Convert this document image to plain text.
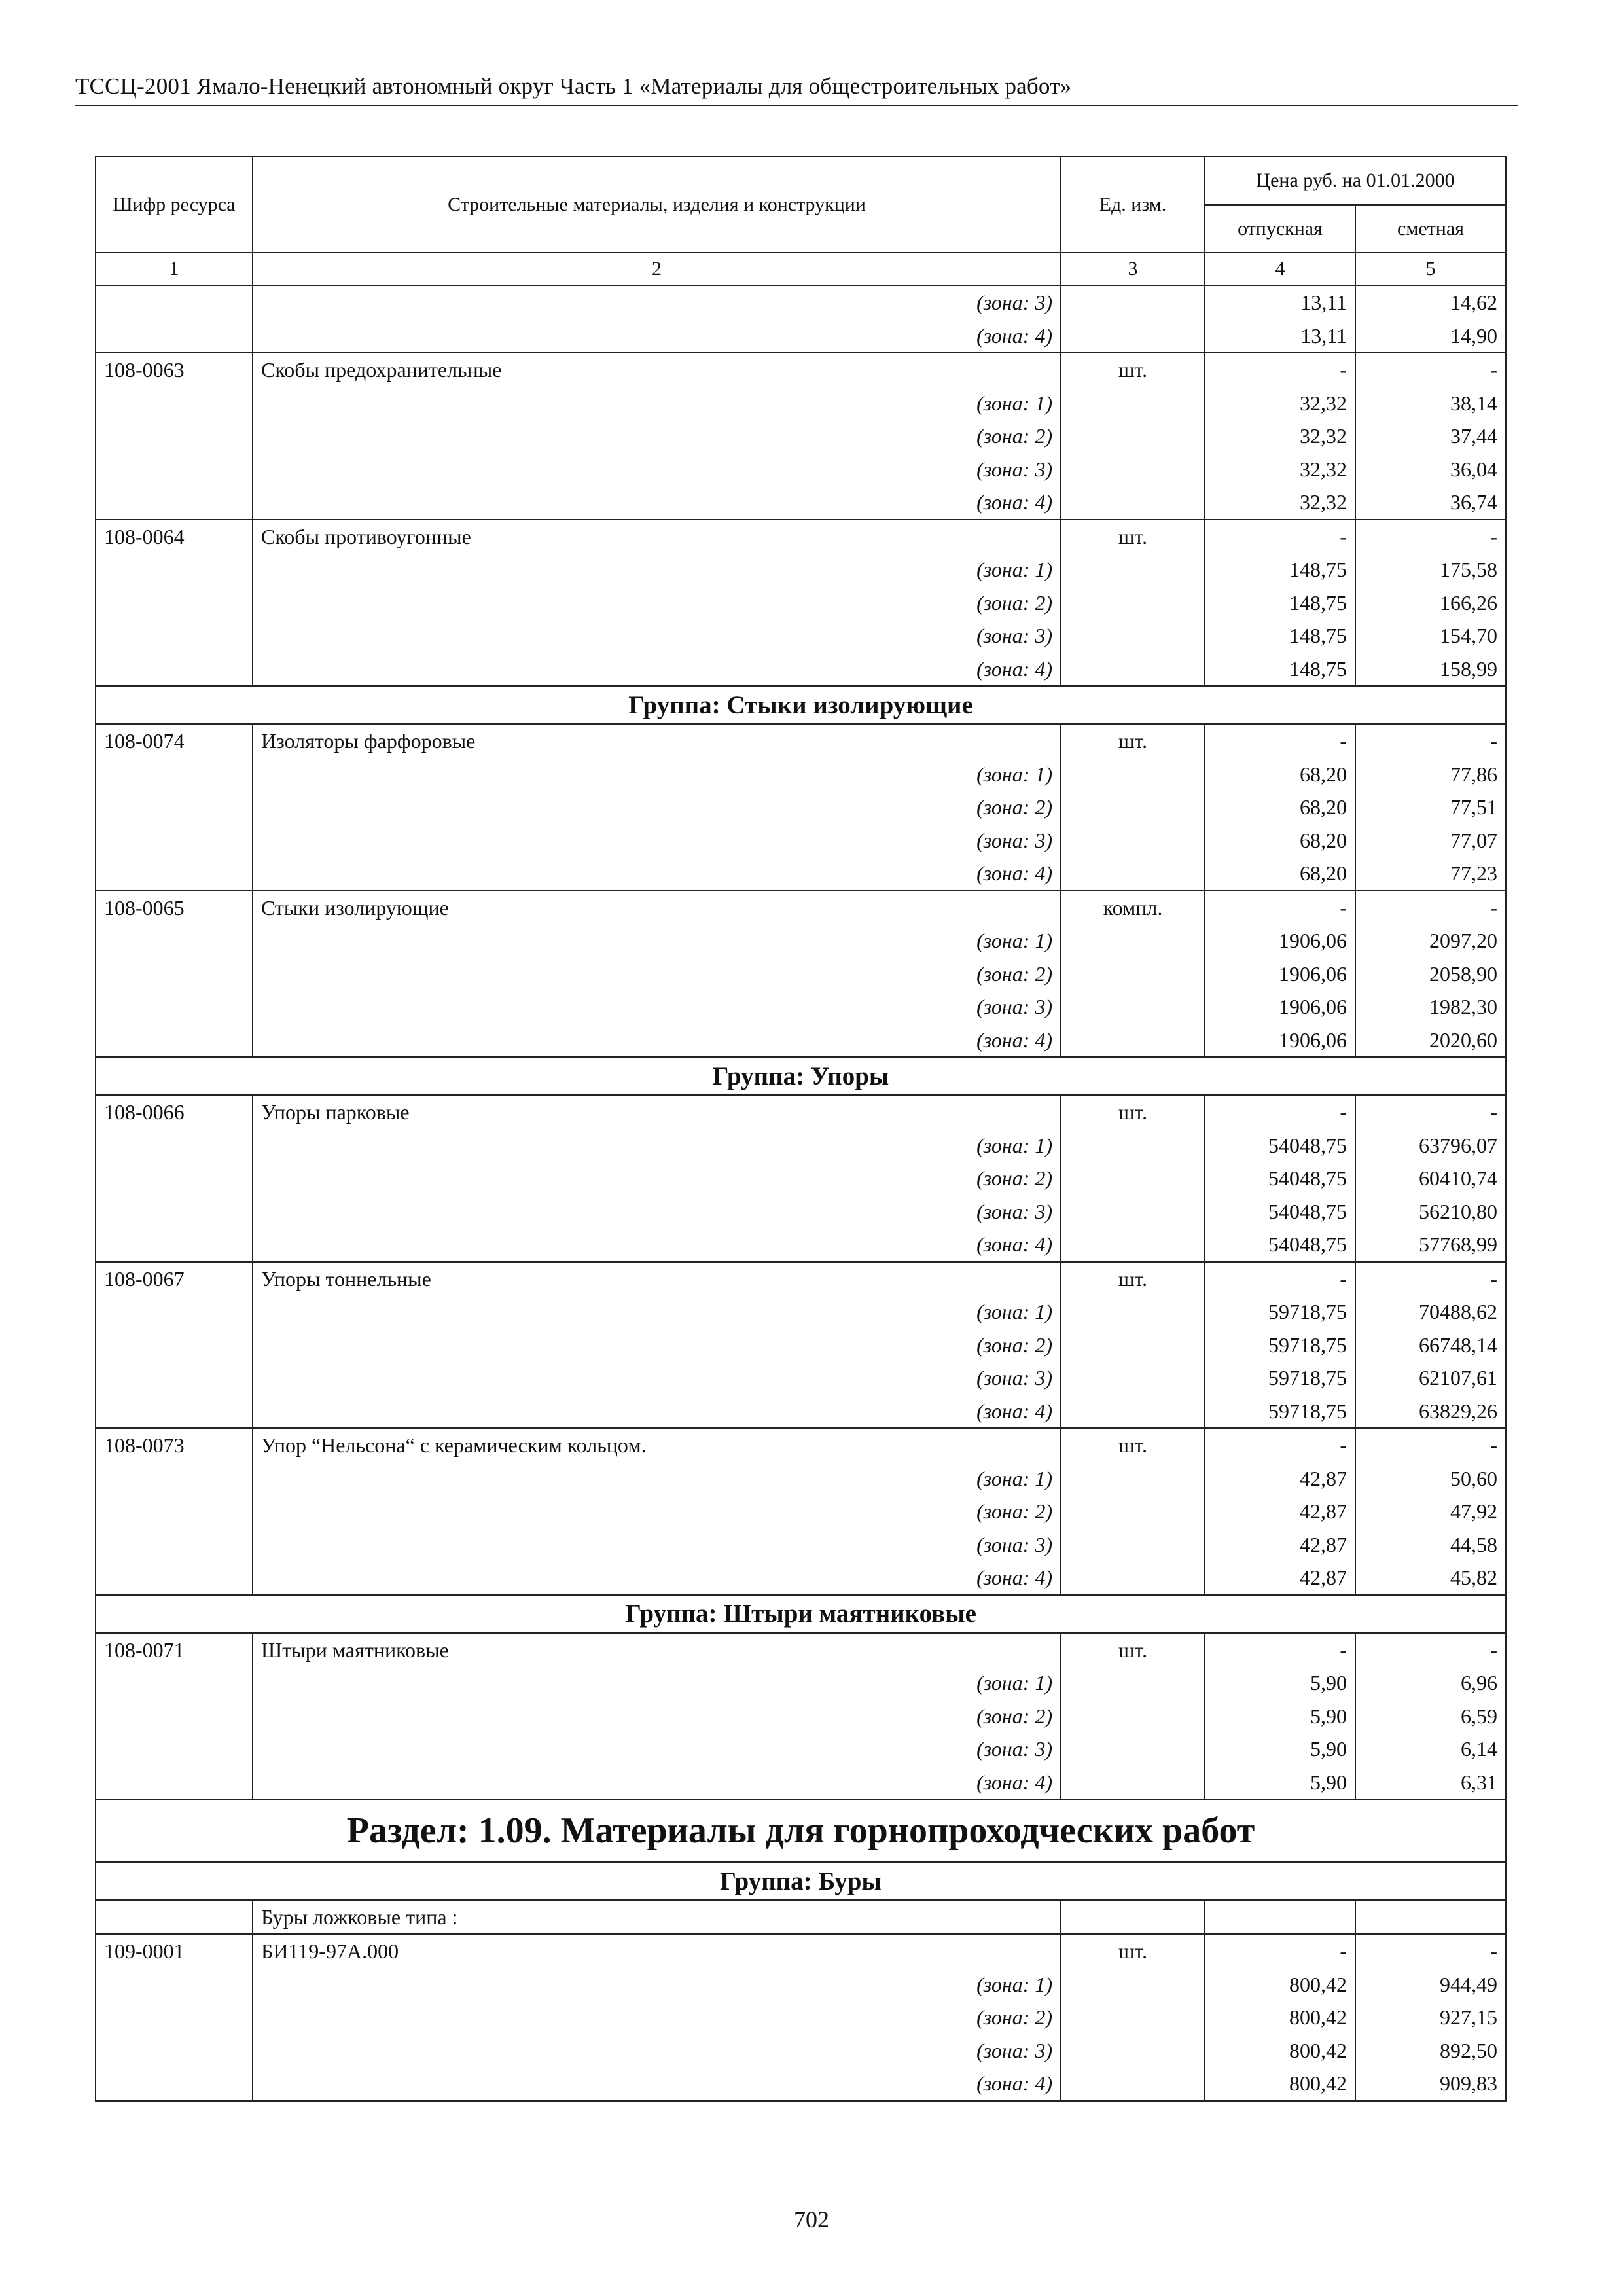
ТССЦ-2001 Ямало-Ненецкий автономный округ Часть 1 «Материалы для общестроительных работ»
Шифр ресурса	Строительные материалы, изделия и конструкции	Ед. изм.	Цена руб. на 01.01.2000	
			отпускная	сметная
1	2	3	4	5
	(зона: 3)		13,11	14,62
	(зона: 4)		13,11	14,90
108-0063	Скобы предохранительные	шт.	-	-
	(зона: 1)		32,32	38,14
	(зона: 2)		32,32	37,44
	(зона: 3)		32,32	36,04
	(зона: 4)		32,32	36,74
108-0064	Скобы противоугонные	шт.	-	-
	(зона: 1)		148,75	175,58
	(зона: 2)		148,75	166,26
	(зона: 3)		148,75	154,70
	(зона: 4)		148,75	158,99
Группа: Стыки изолирующие				
108-0074	Изоляторы фарфоровые	шт.	-	-
	(зона: 1)		68,20	77,86
	(зона: 2)		68,20	77,51
	(зона: 3)		68,20	77,07
	(зона: 4)		68,20	77,23
108-0065	Стыки изолирующие	компл.	-	-
	(зона: 1)		1906,06	2097,20
	(зона: 2)		1906,06	2058,90
	(зона: 3)		1906,06	1982,30
	(зона: 4)		1906,06	2020,60
Группа: Упоры				
108-0066	Упоры парковые	шт.	-	-
	(зона: 1)		54048,75	63796,07
	(зона: 2)		54048,75	60410,74
	(зона: 3)		54048,75	56210,80
	(зона: 4)		54048,75	57768,99
108-0067	Упоры тоннельные	шт.	-	-
	(зона: 1)		59718,75	70488,62
	(зона: 2)		59718,75	66748,14
	(зона: 3)		59718,75	62107,61
	(зона: 4)		59718,75	63829,26
108-0073	Упор “Нельсона“ с керамическим кольцом.	шт.	-	-
	(зона: 1)		42,87	50,60
	(зона: 2)		42,87	47,92
	(зона: 3)		42,87	44,58
	(зона: 4)		42,87	45,82
Группа: Штыри маятниковые				
108-0071	Штыри маятниковые	шт.	-	-
	(зона: 1)		5,90	6,96
	(зона: 2)		5,90	6,59
	(зона: 3)		5,90	6,14
	(зона: 4)		5,90	6,31
Раздел: 1.09. Материалы для горнопроходческих работ				
Группа: Буры				
	Буры ложковые типа :			
109-0001	БИ119-97А.000	шт.	-	-
	(зона: 1)		800,42	944,49
	(зона: 2)		800,42	927,15
	(зона: 3)		800,42	892,50
	(зона: 4)		800,42	909,83
702
